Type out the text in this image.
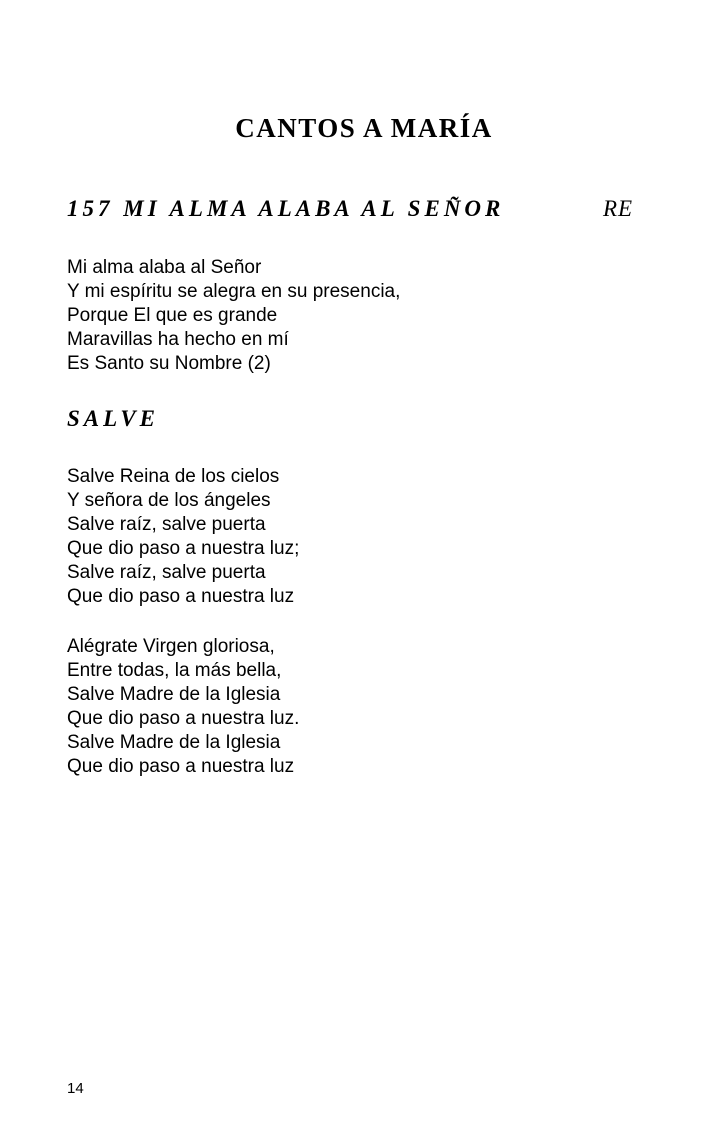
CANTOS A MARÍA
157 MI ALMA ALABA AL SEÑOR	RE
Mi alma alaba al Señor
Y mi espíritu se alegra en su presencia,
Porque El que es grande
Maravillas ha hecho en mí
Es Santo su Nombre (2)
SALVE
Salve Reina de los cielos
Y señora de los ángeles
Salve raíz, salve puerta
Que dio paso a nuestra luz;
Salve raíz, salve puerta
Que dio paso a nuestra luz
Alégrate Virgen gloriosa,
Entre todas, la más bella,
Salve Madre de la Iglesia
Que dio paso a nuestra luz.
Salve Madre de la Iglesia
Que dio paso a nuestra luz

14
